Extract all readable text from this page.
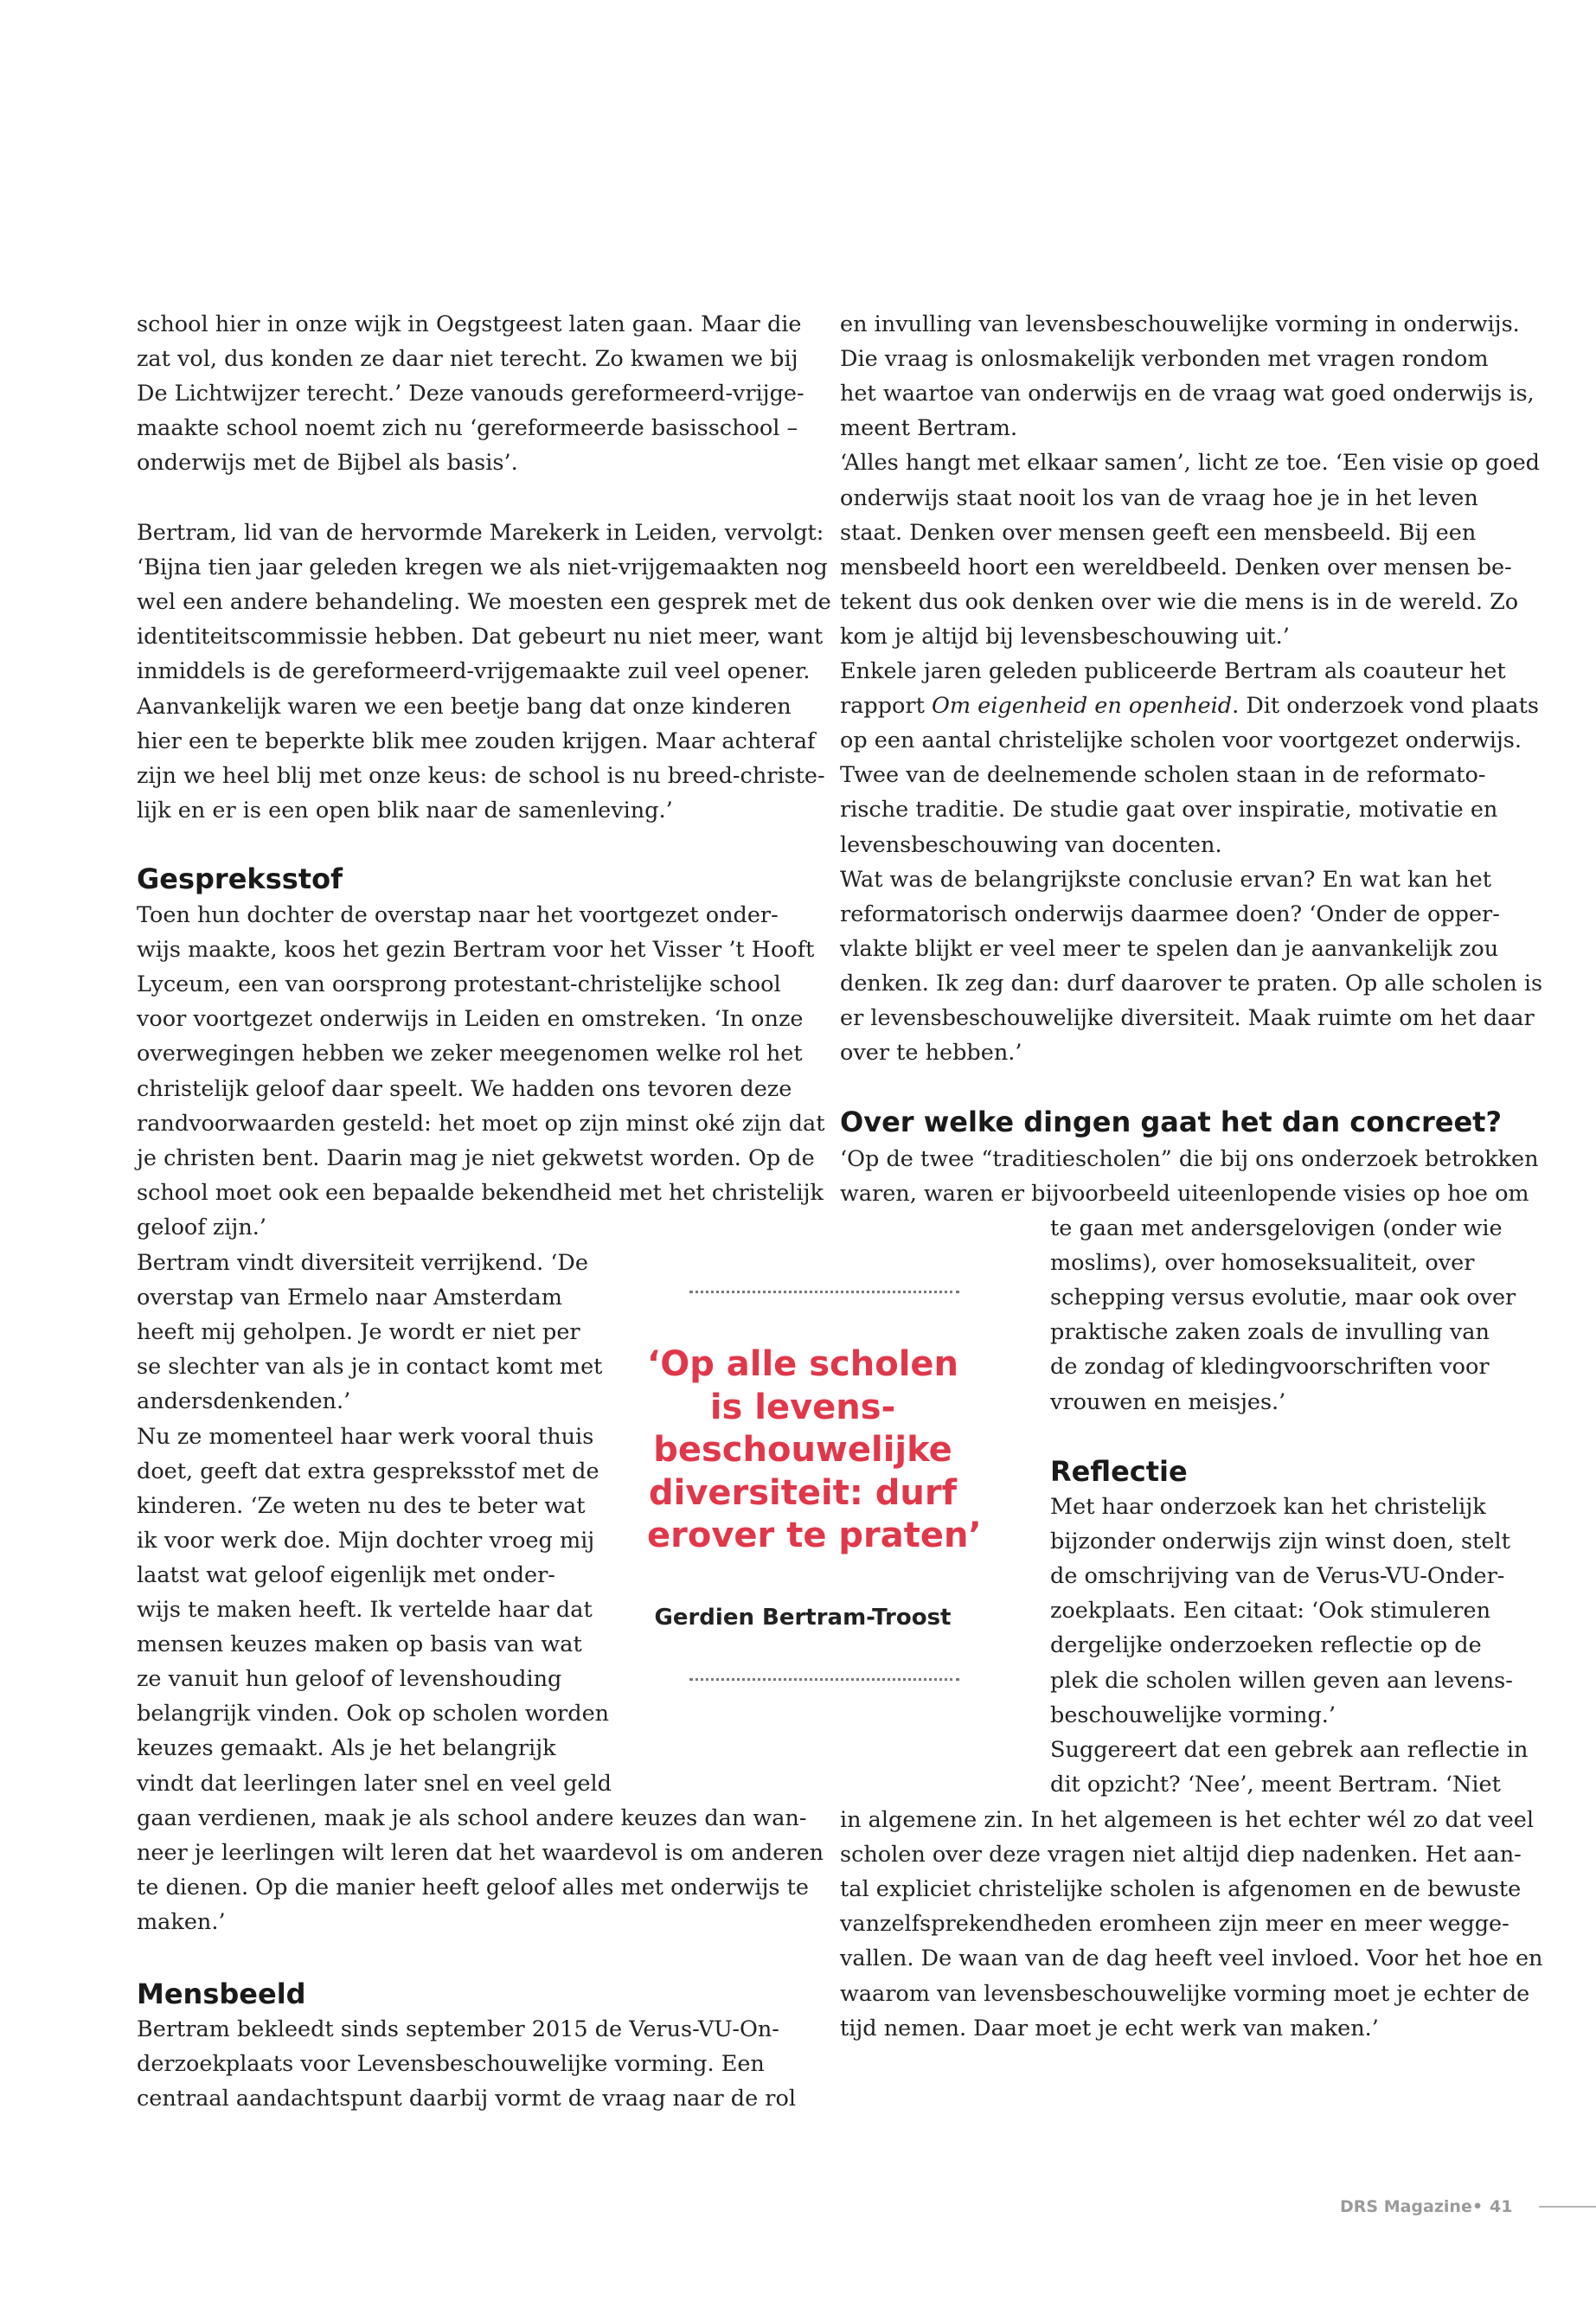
school hier in onze wijk in Oegstgeest laten gaan. Maar die
zat vol, dus konden ze daar niet terecht. Zo kwamen we bij
De Lichtwijzer terecht.’ Deze vanouds gereformeerd-vrijge-
maakte school noemt zich nu ‘gereformeerde basisschool –
onderwijs met de Bijbel als basis’.
Bertram, lid van de hervormde Marekerk in Leiden, vervolgt:
‘Bijna tien jaar geleden kregen we als niet-vrijgemaakten nog
wel een andere behandeling. We moesten een gesprek met de
identiteitscommissie hebben. Dat gebeurt nu niet meer, want
inmiddels is de gereformeerd-vrijgemaakte zuil veel opener.
Aanvankelijk waren we een beetje bang dat onze kinderen
hier een te beperkte blik mee zouden krijgen. Maar achteraf
zijn we heel blij met onze keus: de school is nu breed-christe-
lijk en er is een open blik naar de samenleving.’
Gespreksstof
Toen hun dochter de overstap naar het voortgezet onder-
wijs maakte, koos het gezin Bertram voor het Visser ’t Hooft
Lyceum, een van oorsprong protestant-christelijke school
voor voortgezet onderwijs in Leiden en omstreken. ‘In onze
overwegingen hebben we zeker meegenomen welke rol het
christelijk geloof daar speelt. We hadden ons tevoren deze
randvoorwaarden gesteld: het moet op zijn minst oké zijn dat
je christen bent. Daarin mag je niet gekwetst worden. Op de
school moet ook een bepaalde bekendheid met het christelijk
geloof zijn.’
Bertram vindt diversiteit verrijkend. ‘De
overstap van Ermelo naar Amsterdam
heeft mij geholpen. Je wordt er niet per
se slechter van als je in contact komt met
andersdenkenden.’
Nu ze momenteel haar werk vooral thuis
doet, geeft dat extra gespreksstof met de
kinderen. ‘Ze weten nu des te beter wat
ik voor werk doe. Mijn dochter vroeg mij
laatst wat geloof eigenlijk met onder-
wijs te maken heeft. Ik vertelde haar dat
mensen keuzes maken op basis van wat
ze vanuit hun geloof of levenshouding
belangrijk vinden. Ook op scholen worden
keuzes gemaakt. Als je het belangrijk
vindt dat leerlingen later snel en veel geld
gaan verdienen, maak je als school andere keuzes dan wan-
neer je leerlingen wilt leren dat het waardevol is om anderen
te dienen. Op die manier heeft geloof alles met onderwijs te
maken.’
Mensbeeld
Bertram bekleedt sinds september 2015 de Verus-VU-On-
derzoekplaats voor Levensbeschouwelijke vorming. Een
centraal aandachtspunt daarbij vormt de vraag naar de rol
en invulling van levensbeschouwelijke vorming in onderwijs.
Die vraag is onlosmakelijk verbonden met vragen rondom
het waartoe van onderwijs en de vraag wat goed onderwijs is,
meent Bertram.
‘Alles hangt met elkaar samen’, licht ze toe. ‘Een visie op goed
onderwijs staat nooit los van de vraag hoe je in het leven
staat. Denken over mensen geeft een mensbeeld. Bij een
mensbeeld hoort een wereldbeeld. Denken over mensen be-
tekent dus ook denken over wie die mens is in de wereld. Zo
kom je altijd bij levensbeschouwing uit.’
Enkele jaren geleden publiceerde Bertram als coauteur het
rapport Om eigenheid en openheid. Dit onderzoek vond plaats
op een aantal christelijke scholen voor voortgezet onderwijs.
Twee van de deelnemende scholen staan in de reformato-
rische traditie. De studie gaat over inspiratie, motivatie en
levensbeschouwing van docenten.
Wat was de belangrijkste conclusie ervan? En wat kan het
reformatorisch onderwijs daarmee doen? ‘Onder de opper-
vlakte blijkt er veel meer te spelen dan je aanvankelijk zou
denken. Ik zeg dan: durf daarover te praten. Op alle scholen is
er levensbeschouwelijke diversiteit. Maak ruimte om het daar
over te hebben.’
Over welke dingen gaat het dan concreet?
‘Op de twee “traditiescholen” die bij ons onderzoek betrokken
waren, waren er bijvoorbeeld uiteenlopende visies op hoe om
te gaan met andersgelovigen (onder wie
moslims), over homoseksualiteit, over
schepping versus evolutie, maar ook over
praktische zaken zoals de invulling van
de zondag of kledingvoorschriften voor
vrouwen en meisjes.’
Reflectie
Met haar onderzoek kan het christelijk
bijzonder onderwijs zijn winst doen, stelt
de omschrijving van de Verus-VU-Onder-
zoekplaats. Een citaat: ‘Ook stimuleren
dergelijke onderzoeken reflectie op de
plek die scholen willen geven aan levens-
beschouwelijke vorming.’
Suggereert dat een gebrek aan reflectie in
dit opzicht? ‘Nee’, meent Bertram. ‘Niet
in algemene zin. In het algemeen is het echter wél zo dat veel
scholen over deze vragen niet altijd diep nadenken. Het aan-
tal expliciet christelijke scholen is afgenomen en de bewuste
vanzelfsprekendheden eromheen zijn meer en meer wegge-
vallen. De waan van de dag heeft veel invloed. Voor het hoe en
waarom van levensbeschouwelijke vorming moet je echter de
tijd nemen. Daar moet je echt werk van maken.’
‘Op alle scholen
is levens-
beschouwelijke
diversiteit: durf
erover te praten’
Gerdien Bertram-Troost
DRS Magazine • 41
